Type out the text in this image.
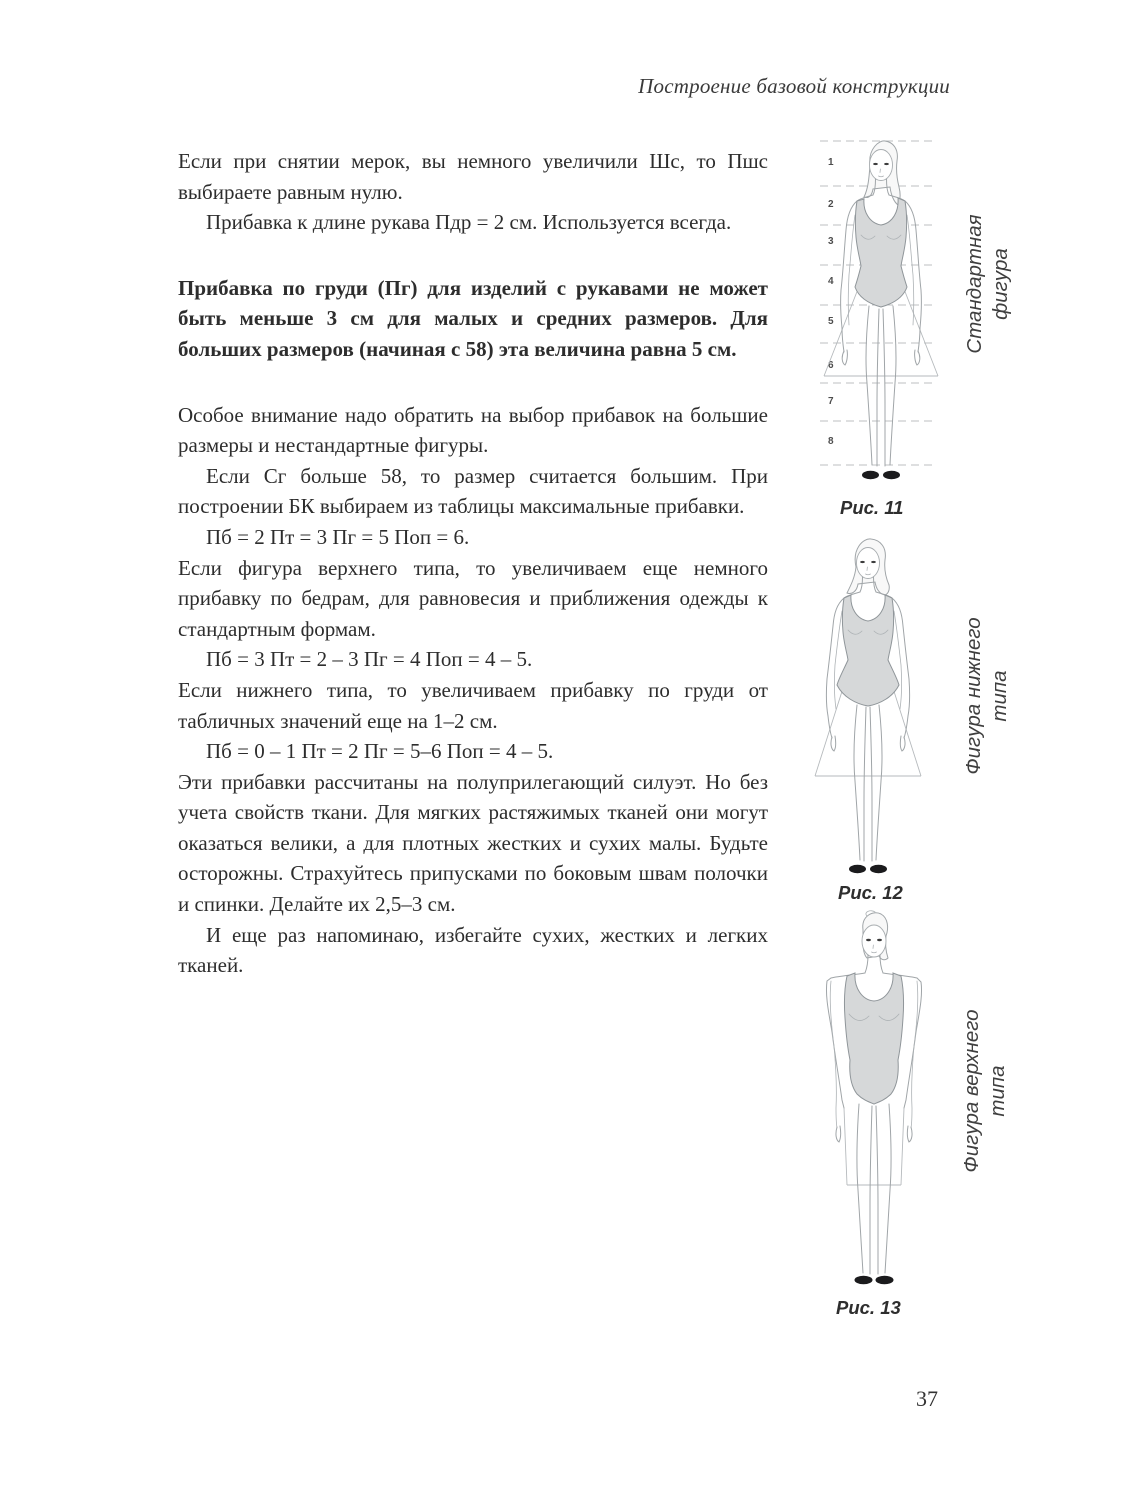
Построение базовой конструкции

Если при снятии мерок, вы немного увеличили Шс, то Пшс выбираете равным нулю.

Прибавка к длине рукава Пдр = 2 см. Используется всегда.

Прибавка по груди (Пг) для изделий с рукавами не может быть меньше 3 см для малых и средних размеров. Для больших размеров (начиная с 58) эта величина равна 5 см.

Особое внимание надо обратить на выбор прибавок на большие размеры и нестандартные фигуры.

Если Сг больше 58, то размер считается большим. При построении БК выбираем из таблицы максимальные прибавки.

Пб = 2 Пт = 3 Пг = 5 Поп = 6.

Если фигура верхнего типа, то увеличиваем еще немного прибавку по бедрам, для равновесия и приближения одежды к стандартным формам.

Пб = 3 Пт = 2 – 3 Пг = 4 Поп = 4 – 5.

Если нижнего типа, то увеличиваем прибавку по груди от табличных значений еще на 1–2 см.

Пб = 0 – 1 Пт = 2 Пг = 5–6 Поп = 4 – 5.

Эти прибавки рассчитаны на полуприлегающий силуэт. Но без учета свойств ткани. Для мягких растяжимых тканей они могут оказаться велики, а для плотных жестких и сухих малы. Будьте осторожны. Страхуйтесь припусками по боковым швам полочки и спинки. Делайте их 2,5–3 см.

И еще раз напоминаю, избегайте сухих, жестких и легких тканей.

1
2
3
4
5
6
7
8
Рис. 11
Стандартная фигура
Рис. 12
Фигура нижнего типа
Рис. 13
Фигура верхнего типа
37
